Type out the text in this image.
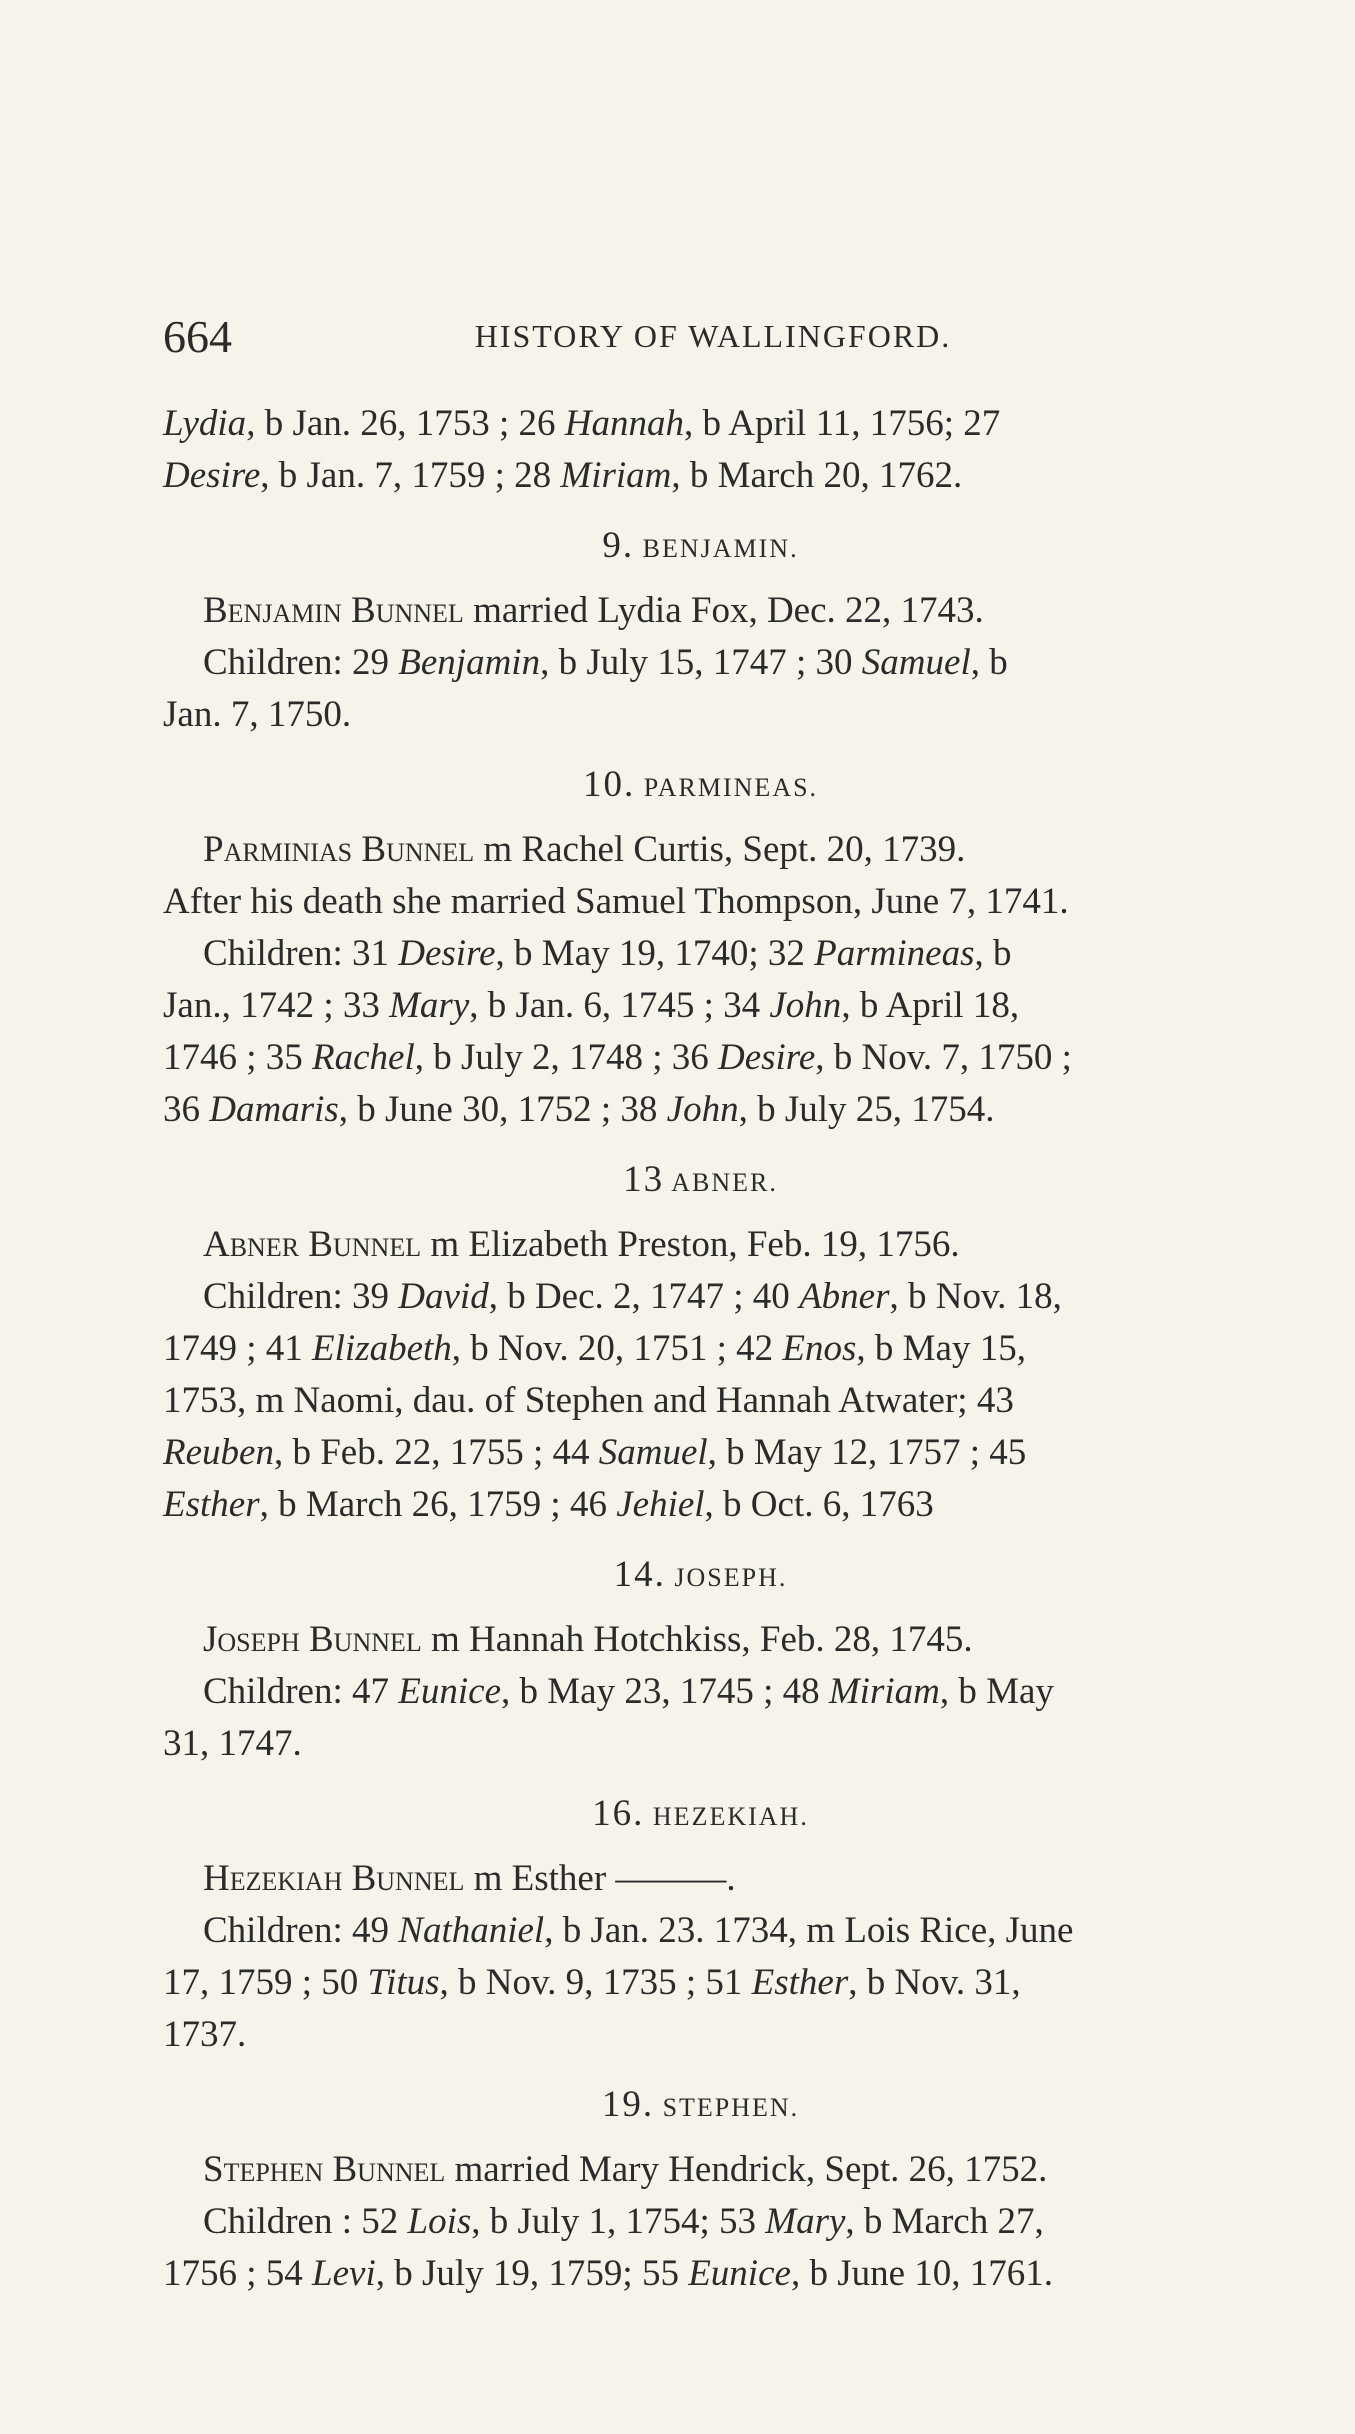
664	HISTORY OF WALLINGFORD.
Lydia, b Jan. 26, 1753 ; 26 Hannah, b April 11, 1756; 27
Desire, b Jan. 7, 1759 ; 28 Miriam, b March 20, 1762.
9. BENJAMIN.
Benjamin Bunnel married Lydia Fox, Dec. 22, 1743.
Children: 29 Benjamin, b July 15, 1747 ; 30 Samuel, b
Jan. 7, 1750.
10. PARMINEAS.
Parminias Bunnel m Rachel Curtis, Sept. 20, 1739.
After his death she married Samuel Thompson, June 7, 1741.
Children: 31 Desire, b May 19, 1740; 32 Parmineas, b
Jan., 1742 ; 33 Mary, b Jan. 6, 1745 ; 34 John, b April 18,
1746 ; 35 Rachel, b July 2, 1748 ; 36 Desire, b Nov. 7, 1750 ;
36 Damaris, b June 30, 1752 ; 38 John, b July 25, 1754.
13 ABNER.
Abner Bunnel m Elizabeth Preston, Feb. 19, 1756.
Children: 39 David, b Dec. 2, 1747 ; 40 Abner, b Nov. 18,
1749 ; 41 Elizabeth, b Nov. 20, 1751 ; 42 Enos, b May 15,
1753, m Naomi, dau. of Stephen and Hannah Atwater; 43
Reuben, b Feb. 22, 1755 ; 44 Samuel, b May 12, 1757 ; 45
Esther, b March 26, 1759 ; 46 Jehiel, b Oct. 6, 1763
14. JOSEPH.
Joseph Bunnel m Hannah Hotchkiss, Feb. 28, 1745.
Children: 47 Eunice, b May 23, 1745 ; 48 Miriam, b May
31, 1747.
16. HEZEKIAH.
Hezekiah Bunnel m Esther ———.
Children: 49 Nathaniel, b Jan. 23. 1734, m Lois Rice, June
17, 1759 ; 50 Titus, b Nov. 9, 1735 ; 51 Esther, b Nov. 31,
1737.
19. STEPHEN.
Stephen Bunnel married Mary Hendrick, Sept. 26, 1752.
Children : 52 Lois, b July 1, 1754; 53 Mary, b March 27,
1756 ; 54 Levi, b July 19, 1759; 55 Eunice, b June 10, 1761.
